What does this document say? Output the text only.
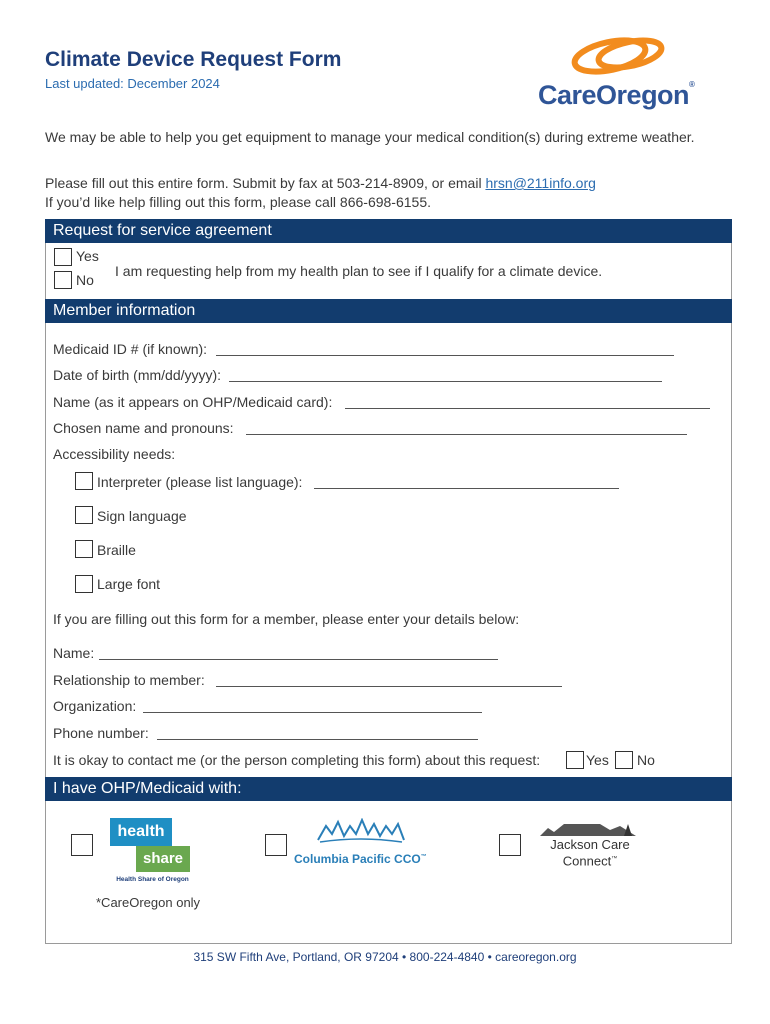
Climate Device Request Form
Last updated: December 2024	CareOregon®
We may be able to help you get equipment to manage your medical condition(s) during extreme weather.
Please fill out this entire form. Submit by fax at 503-214-8909, or email hrsn@211info.org
If you’d like help filling out this form, please call 866-698-6155.
Request for service agreement
Yes
No
I am requesting help from my health plan to see if I qualify for a climate device.
Member information
Medicaid ID # (if known):
Date of birth (mm/dd/yyyy):
Name (as it appears on OHP/Medicaid card):
Chosen name and pronouns:
Accessibility needs:
Interpreter (please list language):
Sign language
Braille
Large font
If you are filling out this form for a member, please enter your details below:
Name:
Relationship to member:
Organization:
Phone number:
It is okay to contact me (or the person completing this form) about this request:	Yes No
I have OHP/Medicaid with:
health
share
Health Share of Oregon
*CareOregon only
Columbia Pacific CCO™
Jackson Care
Connect™
315 SW Fifth Ave, Portland, OR 97204 • 800-224-4840 • careoregon.org
